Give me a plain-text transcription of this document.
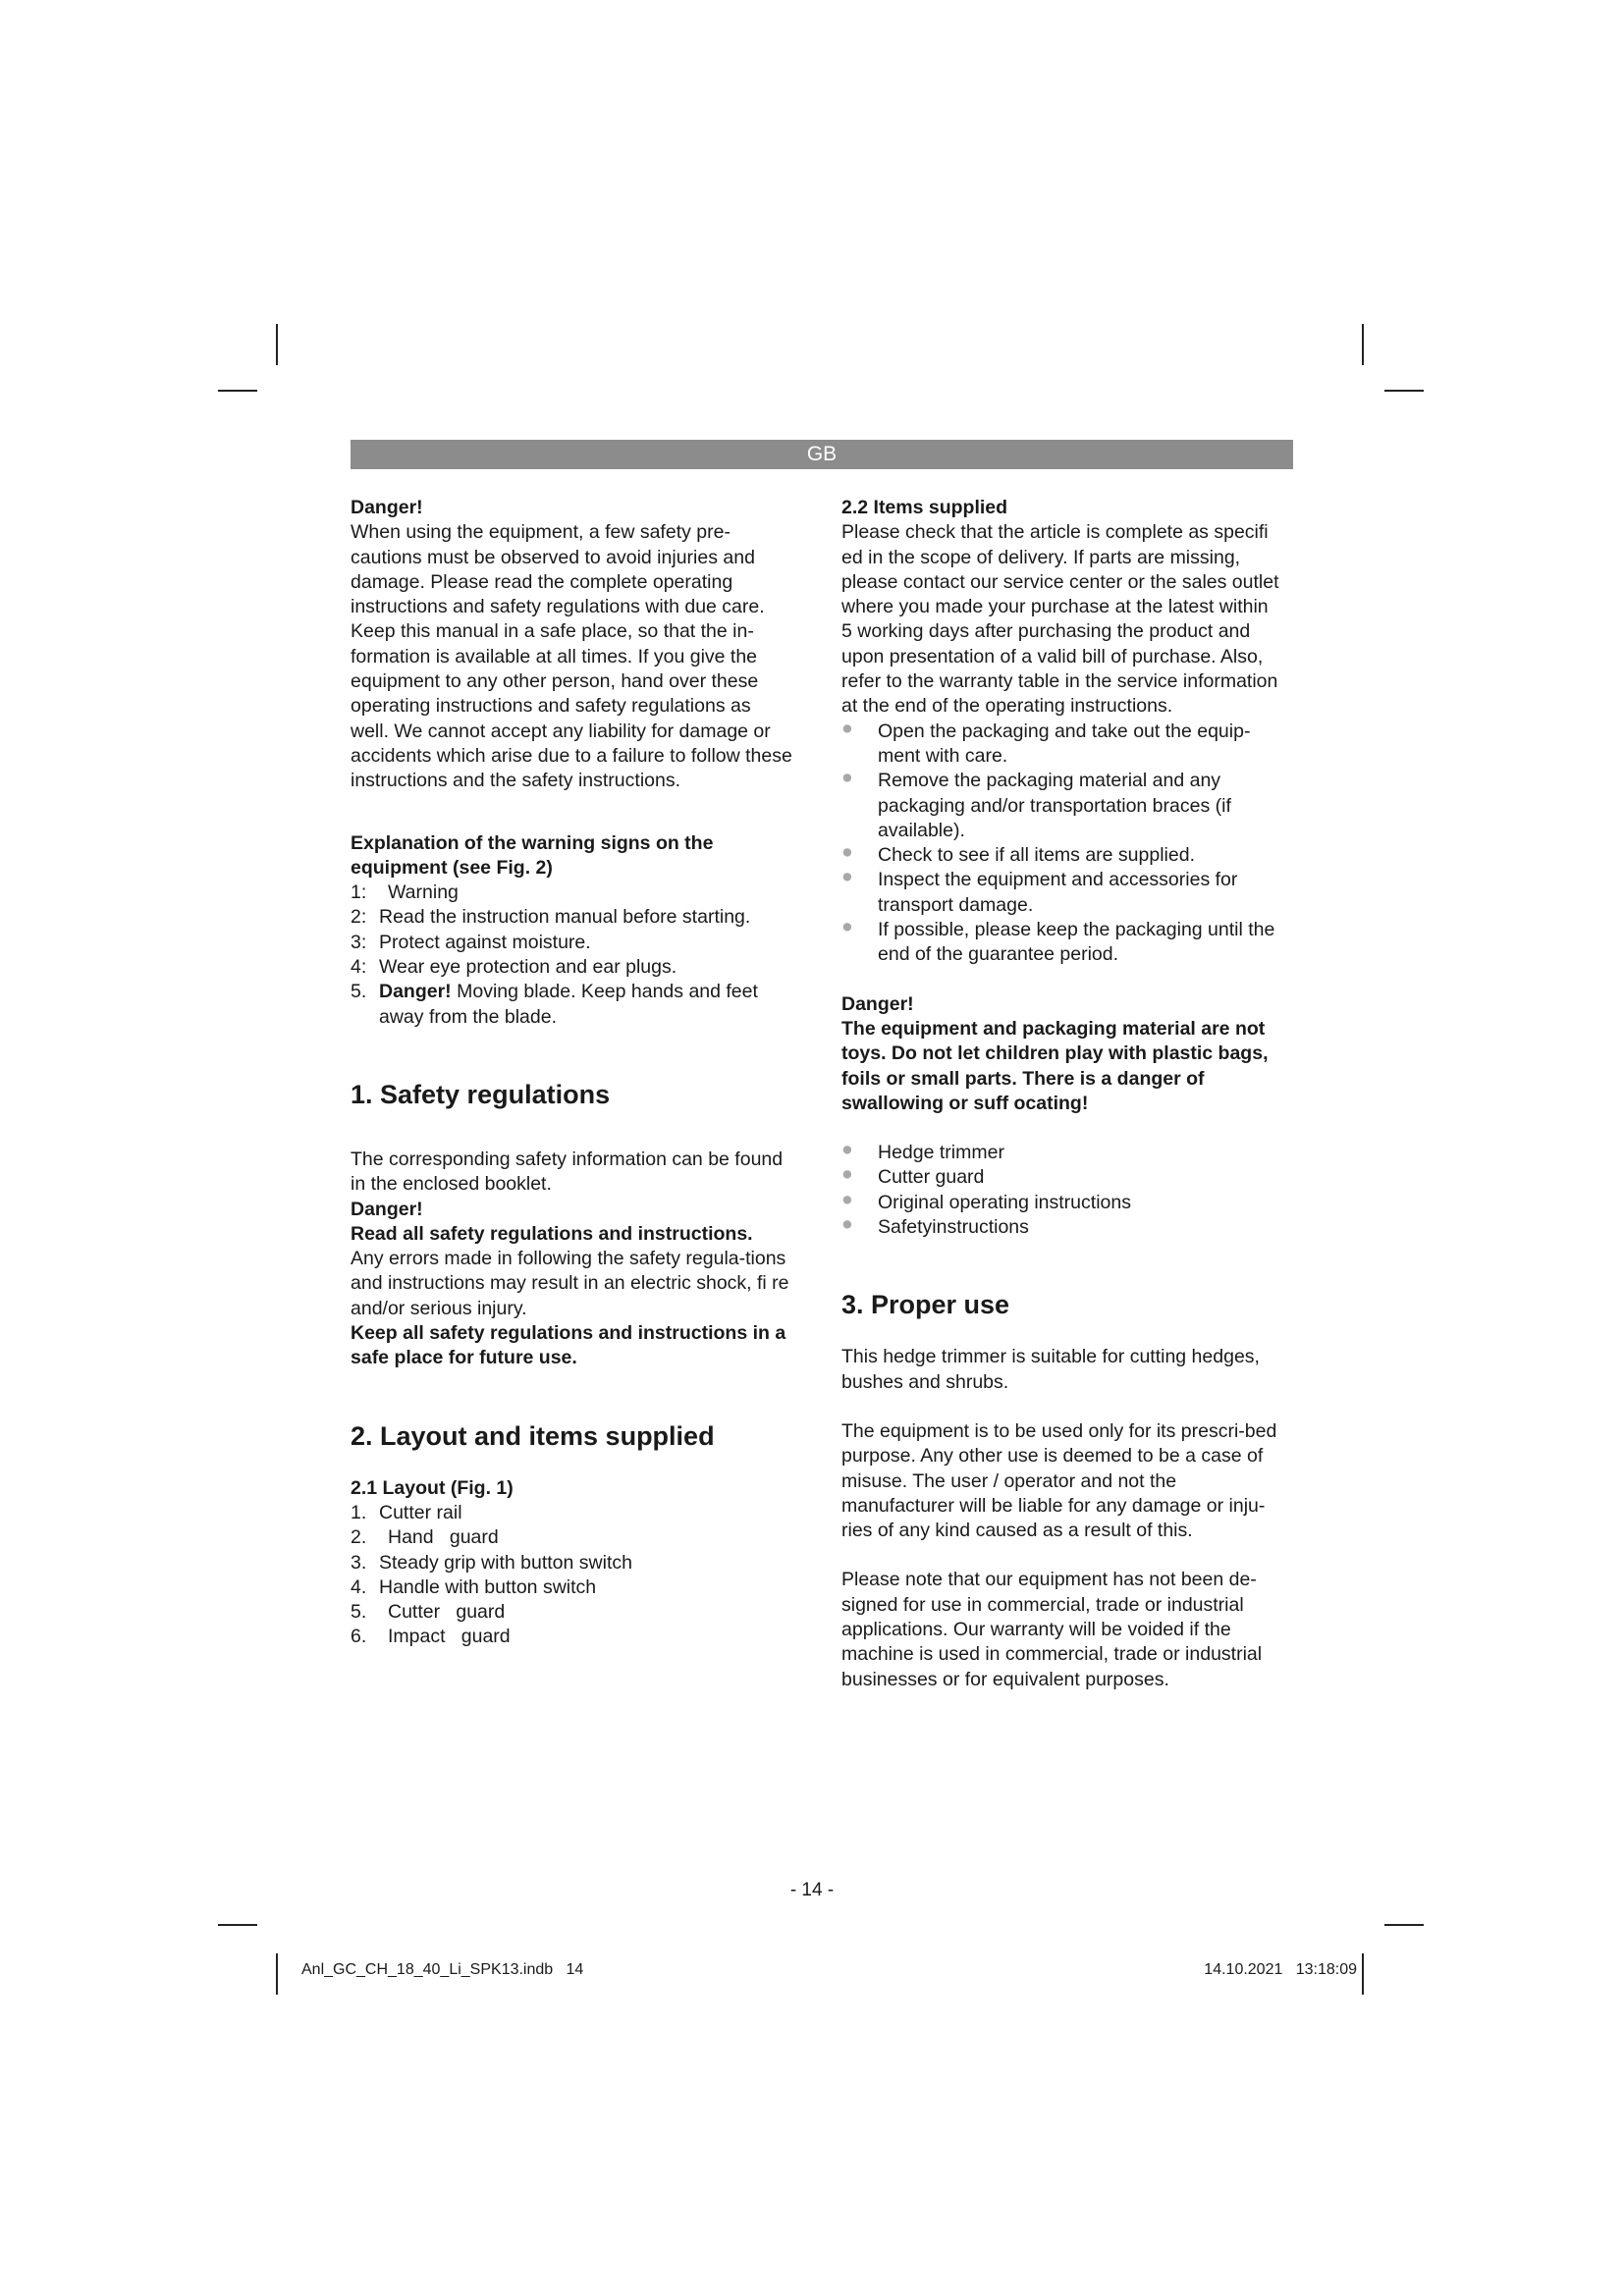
GB

Danger!

When using the equipment, a few safety pre-cautions must be observed to avoid injuries and damage. Please read the complete operating instructions and safety regulations with due care. Keep this manual in a safe place, so that the in-formation is available at all times. If you give the equipment to any other person, hand over these operating instructions and safety regulations as well. We cannot accept any liability for damage or accidents which arise due to a failure to follow these instructions and the safety instructions.

Explanation of the warning signs on the equipment (see Fig. 2)

1:	Warning
2: Read the instruction manual before starting.
3: Protect against moisture.
4: Wear eye protection and ear plugs.
5. Danger! Moving blade. Keep hands and feet away from the blade.

1. Safety regulations

The corresponding safety information can be found in the enclosed booklet.

Danger!

Read all safety regulations and instructions.

Any errors made in following the safety regula-tions and instructions may result in an electric shock, fi re and/or serious injury.

Keep all safety regulations and instructions in a safe place for future use.

2. Layout and items supplied

2.1 Layout (Fig. 1)

1. Cutter rail
2.	Hand   guard
3. Steady grip with button switch
4. Handle with button switch
5.	Cutter   guard
6.	Impact   guard

2.2 Items supplied

Please check that the article is complete as specifi ed in the scope of delivery. If parts are missing, please contact our service center or the sales outlet where you made your purchase at the latest within 5 working days after purchasing the product and upon presentation of a valid bill of purchase. Also, refer to the warranty table in the service information at the end of the operating instructions.

●	Open the packaging and take out the equip-ment with care.
●	Remove the packaging material and any packaging and/or transportation braces (if available).
●	Check to see if all items are supplied.
●	Inspect the equipment and accessories for transport damage.
●	If possible, please keep the packaging until the end of the guarantee period.

Danger!

The equipment and packaging material are not toys. Do not let children play with plastic bags, foils or small parts. There is a danger of swallowing or suff ocating!

●	Hedge trimmer
●	Cutter guard
●	Original operating instructions
●	Safetyinstructions

3. Proper use

This hedge trimmer is suitable for cutting hedges, bushes and shrubs.

The equipment is to be used only for its prescri-bed purpose. Any other use is deemed to be a case of misuse. The user / operator and not the manufacturer will be liable for any damage or inju-ries of any kind caused as a result of this.

Please note that our equipment has not been de-signed for use in commercial, trade or industrial applications. Our warranty will be voided if the machine is used in commercial, trade or industrial businesses or for equivalent purposes.

- 14 -
Anl_GC_CH_18_40_Li_SPK13.indb   14	14.10.2021   13:18:09
